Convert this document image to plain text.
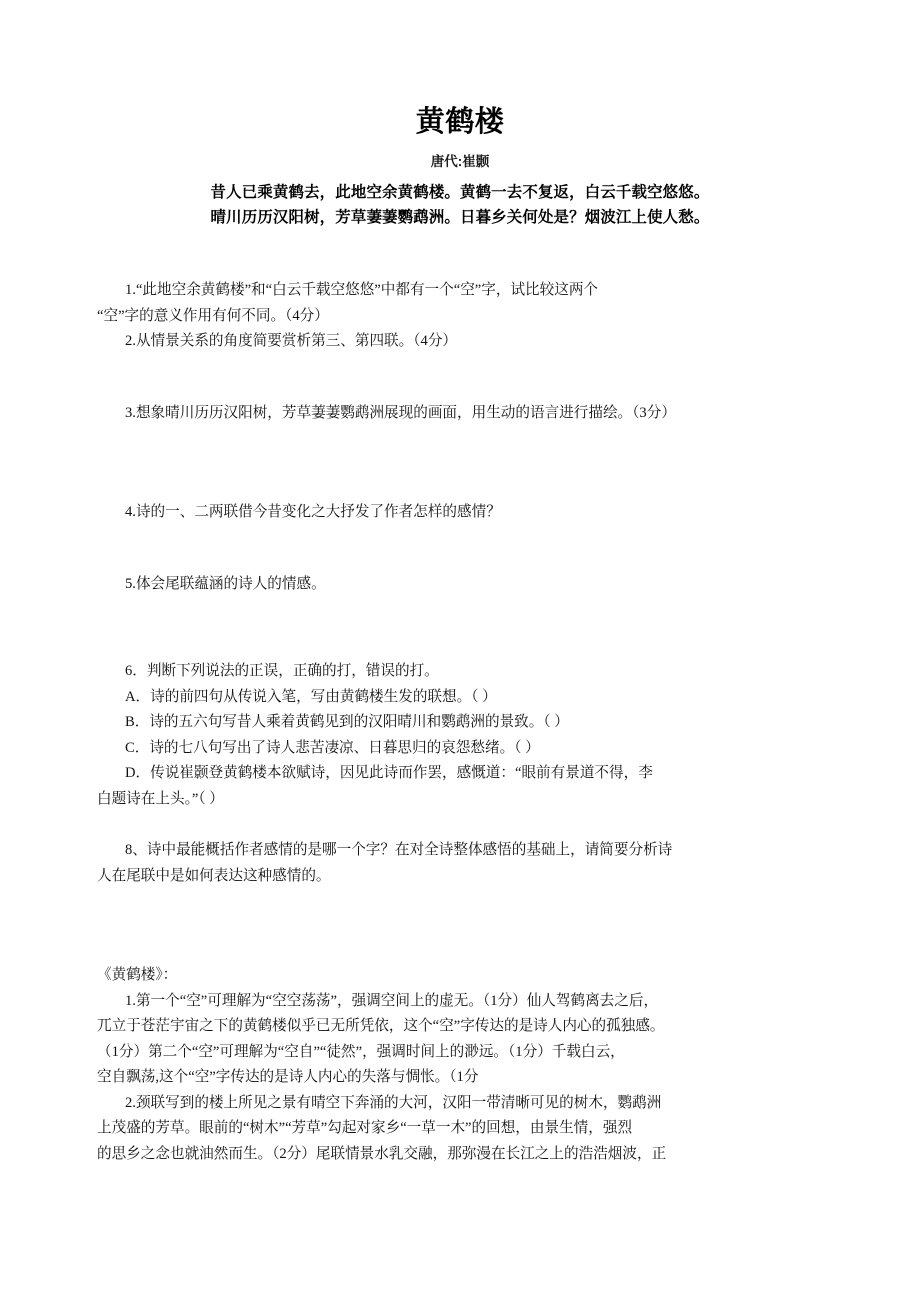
黄鹤楼
唐代:崔颢
昔人已乘黄鹤去，此地空余黄鹤楼。黄鹤一去不复返，白云千载空悠悠。
晴川历历汉阳树，芳草萋萋鹦鹉洲。日暮乡关何处是？烟波江上使人愁。

1.“此地空余黄鹤楼”和“白云千载空悠悠”中都有一个“空”字，试比较这两个

“空”字的意义作用有何不同。（4分）

2.从情景关系的角度简要赏析第三、第四联。（4分）

3.想象晴川历历汉阳树，芳草萋萋鹦鹉洲展现的画面，用生动的语言进行描绘。（3分）

4.诗的一、二两联借今昔变化之大抒发了作者怎样的感情？

5.体会尾联蕴涵的诗人的情感。

6．判断下列说法的正误，正确的打，错误的打。

A．诗的前四句从传说入笔，写由黄鹤楼生发的联想。（ ）

B．诗的五六句写昔人乘着黄鹤见到的汉阳晴川和鹦鹉洲的景致。（ ）

C．诗的七八句写出了诗人悲苦凄凉、日暮思归的哀怨愁绪。（ ）

D．传说崔颢登黄鹤楼本欲赋诗，因见此诗而作罢，感慨道：“眼前有景道不得，李

白题诗在上头。”（ ）

8、诗中最能概括作者感情的是哪一个字？在对全诗整体感悟的基础上，请简要分析诗

人在尾联中是如何表达这种感情的。

《黄鹤楼》：

1.第一个“空”可理解为“空空荡荡”，强调空间上的虚无。（1分）仙人驾鹤离去之后，

兀立于苍茫宇宙之下的黄鹤楼似乎已无所凭依，这个“空”字传达的是诗人内心的孤独感。

（1分）第二个“空”可理解为“空自”“徒然”，强调时间上的渺远。（1分）千载白云，

空自飘荡,这个“空”字传达的是诗人内心的失落与惆怅。（1分

2.颈联写到的楼上所见之景有晴空下奔涌的大河，汉阳一带清晰可见的树木，鹦鹉洲

上茂盛的芳草。眼前的“树木”“芳草”勾起对家乡“一草一木”的回想，由景生情，强烈

的思乡之念也就油然而生。（2分）尾联情景水乳交融，那弥漫在长江之上的浩浩烟波，正
